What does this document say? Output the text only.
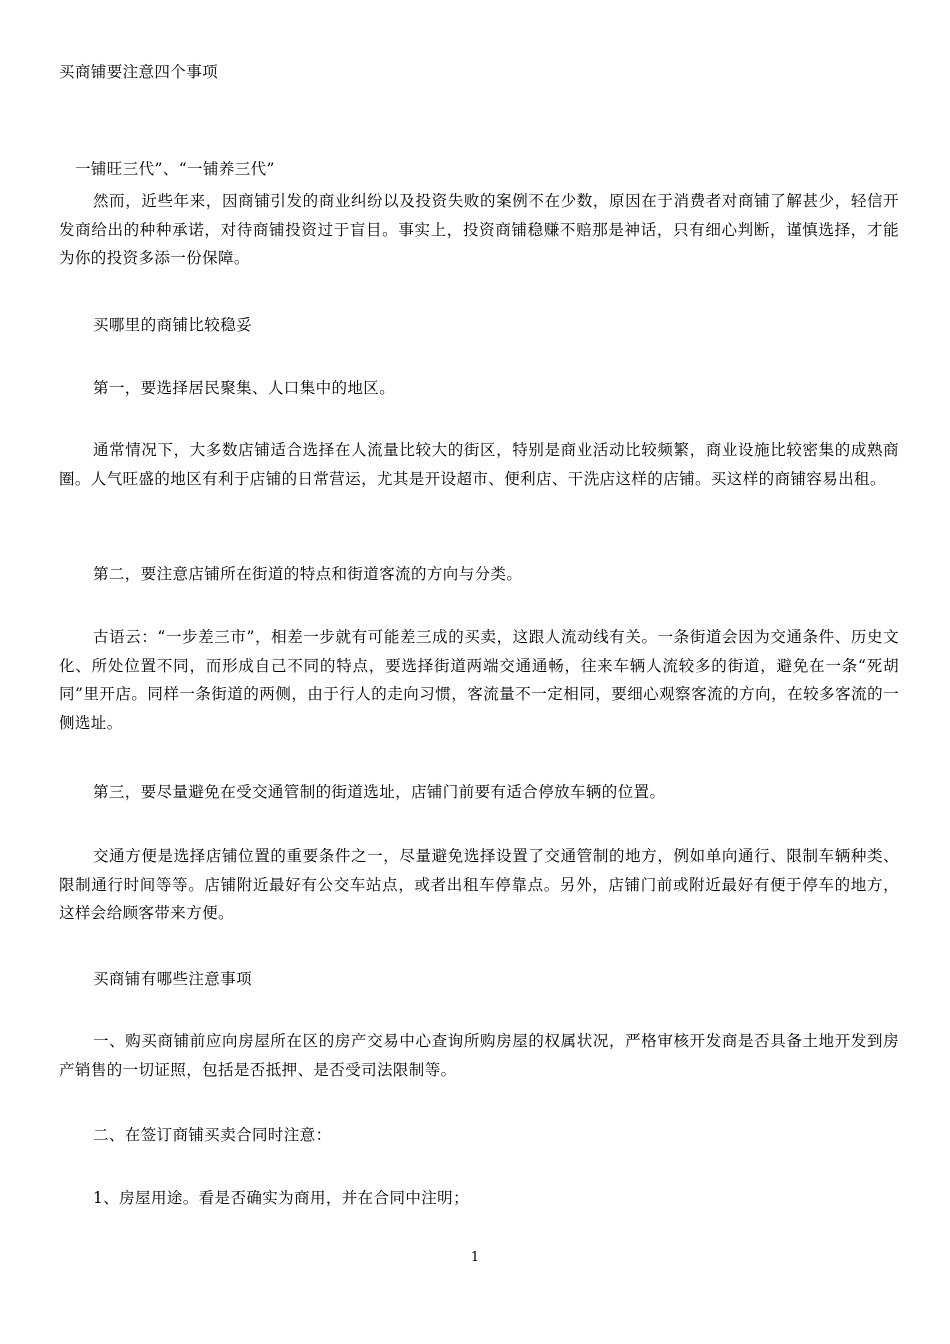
买商铺要注意四个事项

一铺旺三代”、“一铺养三代”

然而，近些年来，因商铺引发的商业纠纷以及投资失败的案例不在少数，原因在于消费者对商铺了解甚少，轻信开发商给出的种种承诺，对待商铺投资过于盲目。事实上，投资商铺稳赚不赔那是神话，只有细心判断，谨慎选择，才能为你的投资多添一份保障。

买哪里的商铺比较稳妥

第一，要选择居民聚集、人口集中的地区。

通常情况下，大多数店铺适合选择在人流量比较大的街区，特别是商业活动比较频繁，商业设施比较密集的成熟商圈。人气旺盛的地区有利于店铺的日常营运，尤其是开设超市、便利店、干洗店这样的店铺。买这样的商铺容易出租。

第二，要注意店铺所在街道的特点和街道客流的方向与分类。

古语云：“一步差三市”，相差一步就有可能差三成的买卖，这跟人流动线有关。一条街道会因为交通条件、历史文化、所处位置不同，而形成自己不同的特点，要选择街道两端交通通畅，往来车辆人流较多的街道，避免在一条“死胡同”里开店。同样一条街道的两侧，由于行人的走向习惯，客流量不一定相同，要细心观察客流的方向，在较多客流的一侧选址。

第三，要尽量避免在受交通管制的街道选址，店铺门前要有适合停放车辆的位置。

交通方便是选择店铺位置的重要条件之一，尽量避免选择设置了交通管制的地方，例如单向通行、限制车辆种类、限制通行时间等等。店铺附近最好有公交车站点，或者出租车停靠点。另外，店铺门前或附近最好有便于停车的地方，这样会给顾客带来方便。

买商铺有哪些注意事项

一、购买商铺前应向房屋所在区的房产交易中心查询所购房屋的权属状况，严格审核开发商是否具备土地开发到房产销售的一切证照，包括是否抵押、是否受司法限制等。

二、在签订商铺买卖合同时注意：

1、房屋用途。看是否确实为商用，并在合同中注明；

1
